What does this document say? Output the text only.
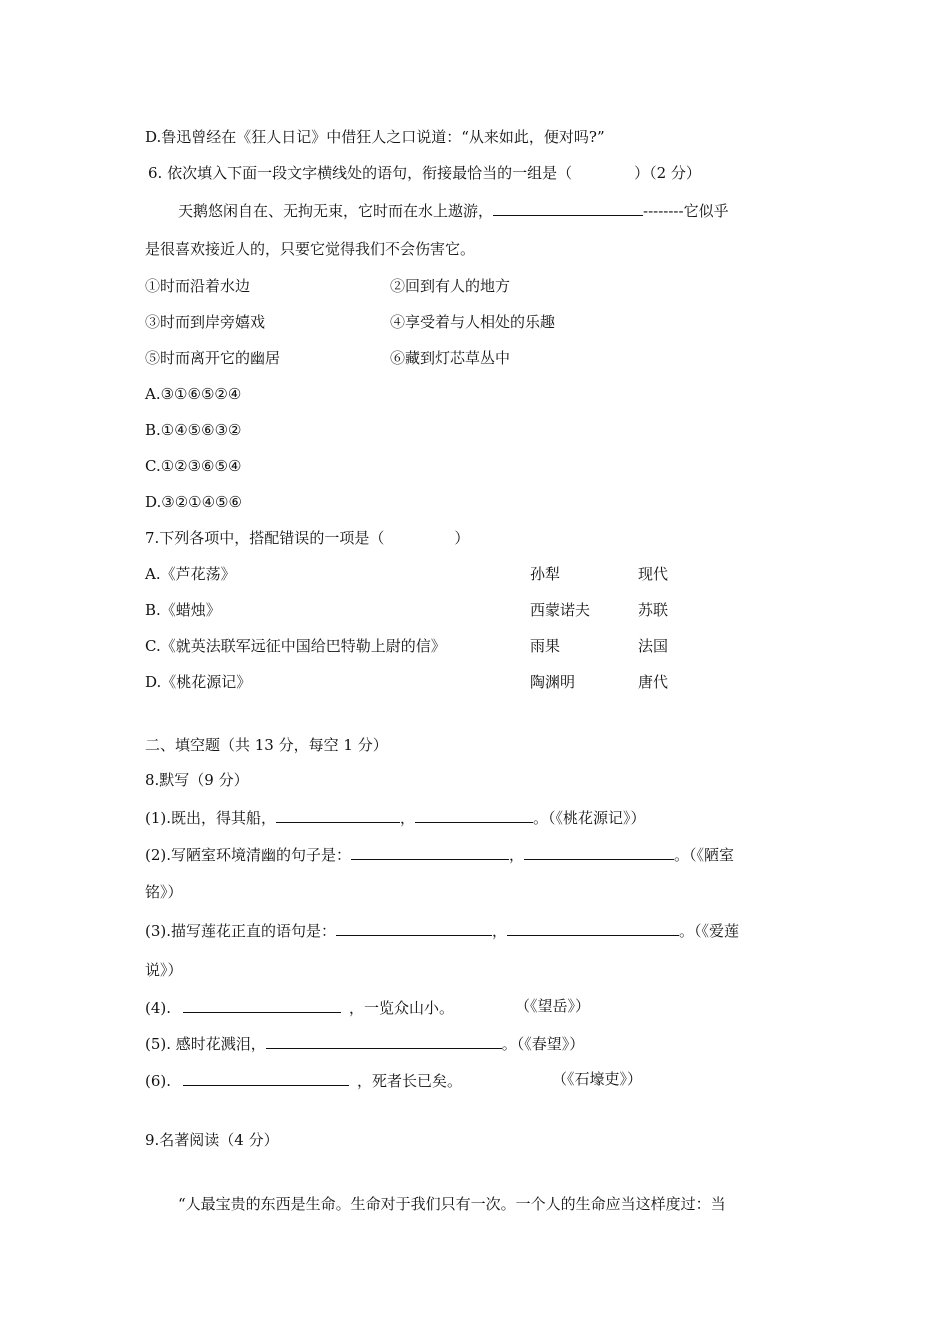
D.鲁迅曾经在《狂人日记》中借狂人之口说道：“从来如此，便对吗?”
6. 依次填入下面一段文字横线处的语句，衔接最恰当的一组是（	）（2 分）
天鹅悠闲自在、无拘无束，它时而在水上遨游，	--------它似乎
是很喜欢接近人的，只要它觉得我们不会伤害它。
①时而沿着水边	②回到有人的地方
③时而到岸旁嬉戏	④享受着与人相处的乐趣
⑤时而离开它的幽居	⑥藏到灯芯草丛中
A.③①⑥⑤②④
B.①④⑤⑥③②
C.①②③⑥⑤④
D.③②①④⑤⑥
7.下列各项中，搭配错误的一项是（	）
A.《芦花荡》	孙犁	现代
B.《蜡烛》	西蒙诺夫	苏联
C.《就英法联军远征中国给巴特勒上尉的信》	雨果	法国
D.《桃花源记》	陶渊明	唐代
二、填空题（共 13 分，每空 1 分）
8.默写（9 分）
(1).既出，得其船，	，	。（《桃花源记》）
(2).写陋室环境清幽的句子是：	，	。（《陋室
铭》）
(3).描写莲花正直的语句是：	，	。（《爱莲
说》）
(4).	，一览众山小。	（《望岳》）
(5). 感时花溅泪，	。（《春望》）
(6).	，死者长已矣。	（《石壕吏》）
9.名著阅读（4 分）
“人最宝贵的东西是生命。生命对于我们只有一次。一个人的生命应当这样度过：当
